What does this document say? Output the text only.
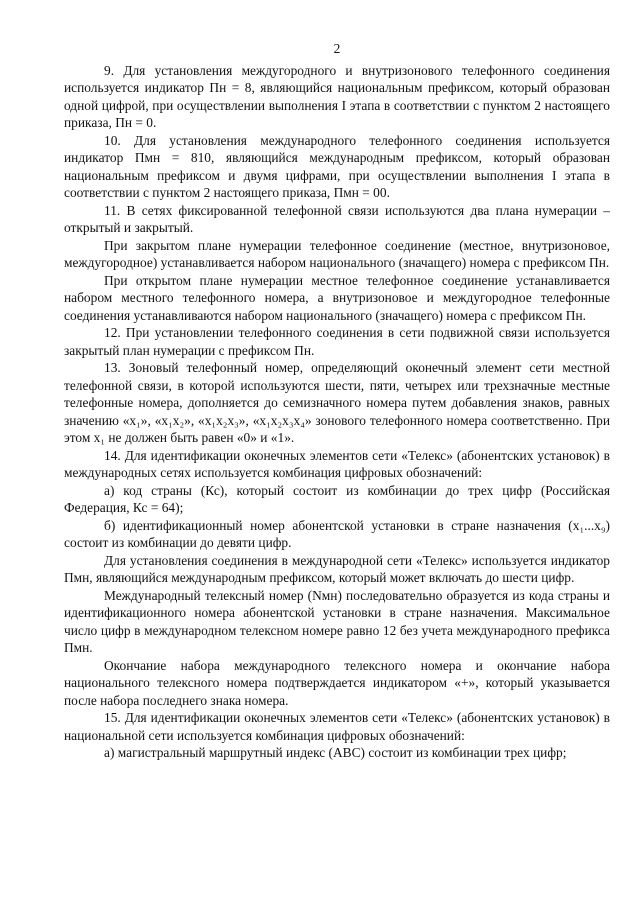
2

9. Для установления междугородного и внутризонового телефонного соединения используется индикатор Пн = 8, являющийся национальным префиксом, который образован одной цифрой, при осуществлении выполнения I этапа в соответствии с пунктом 2 настоящего приказа, Пн = 0.

10. Для установления международного телефонного соединения используется индикатор Пмн = 810, являющийся международным префиксом, который образован национальным префиксом и двумя цифрами, при осуществлении выполнения I этапа в соответствии с пунктом 2 настоящего приказа, Пмн = 00.

11. В сетях фиксированной телефонной связи используются два плана нумерации – открытый и закрытый.

При закрытом плане нумерации телефонное соединение (местное, внутризоновое, междугородное) устанавливается набором национального (значащего) номера с префиксом Пн.

При открытом плане нумерации местное телефонное соединение устанавливается набором местного телефонного номера, а внутризоновое и междугородное телефонные соединения устанавливаются набором национального (значащего) номера с префиксом Пн.

12. При установлении телефонного соединения в сети подвижной связи используется закрытый план нумерации с префиксом Пн.

13. Зоновый телефонный номер, определяющий оконечный элемент сети местной телефонной связи, в которой используются шести, пяти, четырех или трехзначные местные телефонные номера, дополняется до семизначного номера путем добавления знаков, равных значению «x₁», «x₁x₂», «x₁x₂x₃», «x₁x₂x₃x₄» зонового телефонного номера соответственно. При этом x₁ не должен быть равен «0» и «1».

14. Для идентификации оконечных элементов сети «Телекс» (абонентских установок) в международных сетях используется комбинация цифровых обозначений:

а) код страны (Кс), который состоит из комбинации до трех цифр (Российская Федерация, Кс = 64);

б) идентификационный номер абонентской установки в стране назначения (x₁...x₉) состоит из комбинации до девяти цифр.

Для установления соединения в международной сети «Телекс» используется индикатор Пмн, являющийся международным префиксом, который может включать до шести цифр.

Международный телексный номер (Nмн) последовательно образуется из кода страны и идентификационного номера абонентской установки в стране назначения. Максимальное число цифр в международном телексном номере равно 12 без учета международного префикса Пмн.

Окончание набора международного телексного номера и окончание набора национального телексного номера подтверждается индикатором «+», который указывается после набора последнего знака номера.

15. Для идентификации оконечных элементов сети «Телекс» (абонентских установок) в национальной сети используется комбинация цифровых обозначений:

а) магистральный маршрутный индекс (АВС) состоит из комбинации трех цифр;
